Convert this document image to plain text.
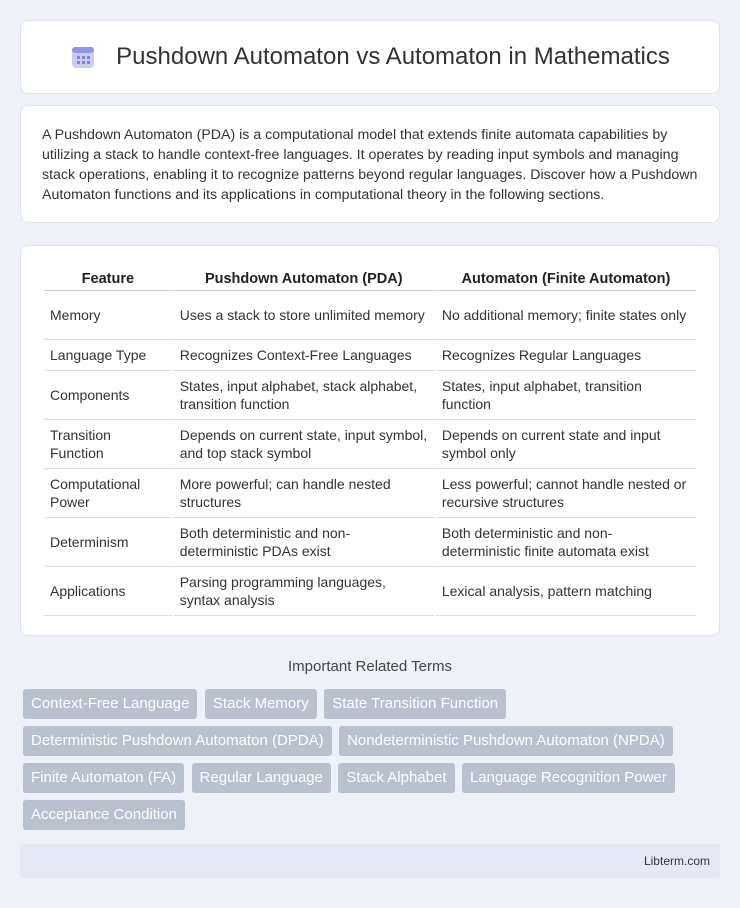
Pushdown Automaton vs Automaton in Mathematics

A Pushdown Automaton (PDA) is a computational model that extends finite automata capabilities by utilizing a stack to handle context-free languages. It operates by reading input symbols and managing stack operations, enabling it to recognize patterns beyond regular languages. Discover how a Pushdown Automaton functions and its applications in computational theory in the following sections.

Feature	Pushdown Automaton (PDA)	Automaton (Finite Automaton)
Memory	Uses a stack to store unlimited memory	No additional memory; finite states only
Language Type	Recognizes Context-Free Languages	Recognizes Regular Languages
Components	States, input alphabet, stack alphabet, transition function	States, input alphabet, transition function
Transition Function	Depends on current state, input symbol, and top stack symbol	Depends on current state and input symbol only
Computational Power	More powerful; can handle nested structures	Less powerful; cannot handle nested or recursive structures
Determinism	Both deterministic and non-deterministic PDAs exist	Both deterministic and non-deterministic finite automata exist
Applications	Parsing programming languages, syntax analysis	Lexical analysis, pattern matching
Important Related Terms
Context-Free Language Stack Memory State Transition Function
Deterministic Pushdown Automaton (DPDA) Nondeterministic Pushdown Automaton (NPDA)
Finite Automaton (FA) Regular Language Stack Alphabet Language Recognition Power
Acceptance Condition
Libterm.com
